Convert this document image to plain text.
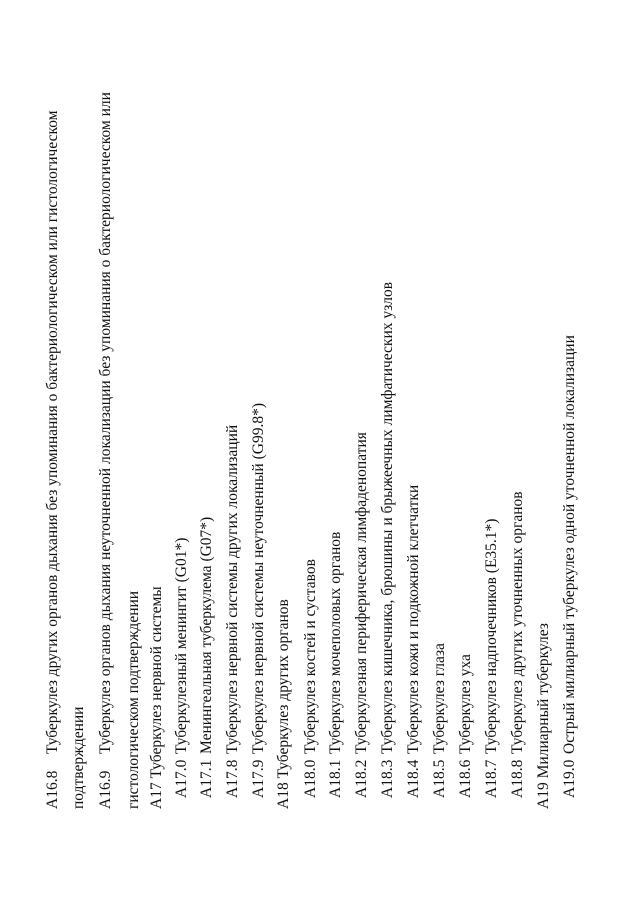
A16.8
Туберкулез других органов дыхания без упоминания о бактериологическом или гистологическом
подтверждении A16.9
Туберкулез органов дыхания неуточненной локализации без упоминания о бактериологическом или гистологическом подтверждении A17 Туберкулез нервной системы A17.0
Туберкулезный менингит (G01*)
A17.1
Менингеальная туберкулема (G07*)
A17.8
Туберкулез нервной системы других локализаций
A17.9
Туберкулез нервной системы неуточненный (G99.8*) A18 Туберкулез других органов A18.0
Туберкулез костей и суставов
A18.1
Туберкулез мочеполовых органов
A18.2
Туберкулезная периферическая лимфаденопатия
A18.3
Туберкулез кишечника, брюшины и брыжеечных лимфатических узлов
A18.4
Туберкулез кожи и подкожной клетчатки
A18.5
Туберкулез глаза
A18.6
Туберкулез уха
A18.7
Туберкулез надпочечников (E35.1*)
A18.8
Туберкулез других уточненных органов A19 Милиарный туберкулез A19.0
Острый милиарный туберкулез одной уточненной локализации
